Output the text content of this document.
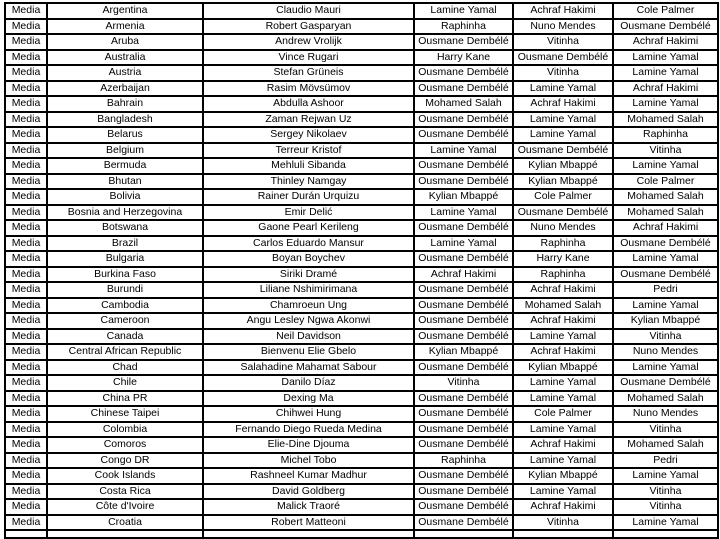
Media	Argentina	Claudio Mauri	Lamine Yamal	Achraf Hakimi	Cole Palmer
Media	Armenia	Robert Gasparyan	Raphinha	Nuno Mendes	Ousmane Dembélé
Media	Aruba	Andrew Vrolijk	Ousmane Dembélé	Vitinha	Achraf Hakimi
Media	Australia	Vince Rugari	Harry Kane	Ousmane Dembélé	Lamine Yamal
Media	Austria	Stefan Grüneis	Ousmane Dembélé	Vitinha	Lamine Yamal
Media	Azerbaijan	Rasim Mövsümov	Ousmane Dembélé	Lamine Yamal	Achraf Hakimi
Media	Bahrain	Abdulla Ashoor	Mohamed Salah	Achraf Hakimi	Lamine Yamal
Media	Bangladesh	Zaman Rejwan Uz	Ousmane Dembélé	Lamine Yamal	Mohamed Salah
Media	Belarus	Sergey Nikolaev	Ousmane Dembélé	Lamine Yamal	Raphinha
Media	Belgium	Terreur Kristof	Lamine Yamal	Ousmane Dembélé	Vitinha
Media	Bermuda	Mehluli Sibanda	Ousmane Dembélé	Kylian Mbappé	Lamine Yamal
Media	Bhutan	Thinley Namgay	Ousmane Dembélé	Kylian Mbappé	Cole Palmer
Media	Bolivia	Rainer Durán Urquizu	Kylian Mbappé	Cole Palmer	Mohamed Salah
Media	Bosnia and Herzegovina	Emir Delić	Lamine Yamal	Ousmane Dembélé	Mohamed Salah
Media	Botswana	Gaone Pearl Kerileng	Ousmane Dembélé	Nuno Mendes	Achraf Hakimi
Media	Brazil	Carlos Eduardo Mansur	Lamine Yamal	Raphinha	Ousmane Dembélé
Media	Bulgaria	Boyan Boychev	Ousmane Dembélé	Harry Kane	Lamine Yamal
Media	Burkina Faso	Siriki Dramé	Achraf Hakimi	Raphinha	Ousmane Dembélé
Media	Burundi	Liliane Nshimirimana	Ousmane Dembélé	Achraf Hakimi	Pedri
Media	Cambodia	Chamroeun Ung	Ousmane Dembélé	Mohamed Salah	Lamine Yamal
Media	Cameroon	Angu Lesley Ngwa Akonwi	Ousmane Dembélé	Achraf Hakimi	Kylian Mbappé
Media	Canada	Neil Davidson	Ousmane Dembélé	Lamine Yamal	Vitinha
Media	Central African Republic	Bienvenu Elie Gbelo	Kylian Mbappé	Achraf Hakimi	Nuno Mendes
Media	Chad	Salahadine Mahamat Sabour	Ousmane Dembélé	Kylian Mbappé	Lamine Yamal
Media	Chile	Danilo Díaz	Vitinha	Lamine Yamal	Ousmane Dembélé
Media	China PR	Dexing Ma	Ousmane Dembélé	Lamine Yamal	Mohamed Salah
Media	Chinese Taipei	Chihwei Hung	Ousmane Dembélé	Cole Palmer	Nuno Mendes
Media	Colombia	Fernando Diego Rueda Medina	Ousmane Dembélé	Lamine Yamal	Vitinha
Media	Comoros	Elie-Dine Djouma	Ousmane Dembélé	Achraf Hakimi	Mohamed Salah
Media	Congo DR	Michel Tobo	Raphinha	Lamine Yamal	Pedri
Media	Cook Islands	Rashneel Kumar Madhur	Ousmane Dembélé	Kylian Mbappé	Lamine Yamal
Media	Costa Rica	David Goldberg	Ousmane Dembélé	Lamine Yamal	Vitinha
Media	Côte d'Ivoire	Malick Traoré	Ousmane Dembélé	Achraf Hakimi	Vitinha
Media	Croatia	Robert Matteoni	Ousmane Dembélé	Vitinha	Lamine Yamal
